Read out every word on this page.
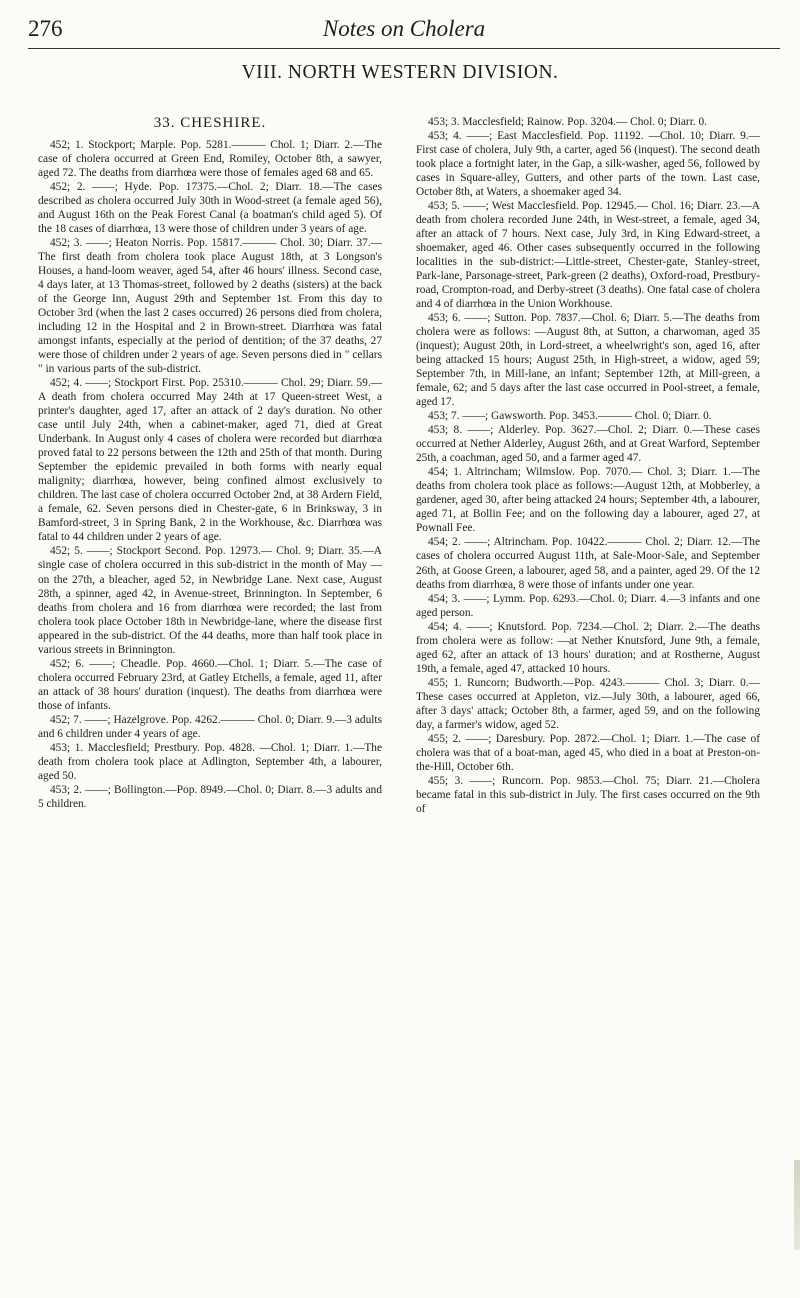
276	Notes on Cholera
VIII. NORTH WESTERN DIVISION.
33. CHESHIRE.

452; 1. Stockport; Marple. Pop. 5281.——— Chol. 1; Diarr. 2.—The case of cholera occurred at Green End, Romiley, October 8th, a sawyer, aged 72. The deaths from diarrhœa were those of females aged 68 and 65.

452; 2. ——; Hyde. Pop. 17375.—Chol. 2; Diarr. 18.—The cases described as cholera occurred July 30th in Wood-street (a female aged 56), and August 16th on the Peak Forest Canal (a boatman's child aged 5). Of the 18 cases of diarrhœa, 13 were those of children under 3 years of age.

452; 3. ——; Heaton Norris. Pop. 15817.——— Chol. 30; Diarr. 37.—The first death from cholera took place August 18th, at 3 Longson's Houses, a hand-loom weaver, aged 54, after 46 hours' illness. Second case, 4 days later, at 13 Thomas-street, followed by 2 deaths (sisters) at the back of the George Inn, August 29th and September 1st. From this day to October 3rd (when the last 2 cases occurred) 26 persons died from cholera, including 12 in the Hospital and 2 in Brown-street. Diarrhœa was fatal amongst infants, especially at the period of dentition; of the 37 deaths, 27 were those of children under 2 years of age. Seven persons died in " cellars " in various parts of the sub-district.

452; 4. ——; Stockport First. Pop. 25310.——— Chol. 29; Diarr. 59.—A death from cholera occurred May 24th at 17 Queen-street West, a printer's daughter, aged 17, after an attack of 2 day's duration. No other case until July 24th, when a cabinet-maker, aged 71, died at Great Underbank. In August only 4 cases of cholera were recorded but diarrhœa proved fatal to 22 persons between the 12th and 25th of that month. During September the epidemic prevailed in both forms with nearly equal malignity; diarrhœa, however, being confined almost exclusively to children. The last case of cholera occurred October 2nd, at 38 Ardern Field, a female, 62. Seven persons died in Chester-gate, 6 in Brinksway, 3 in Bamford-street, 3 in Spring Bank, 2 in the Workhouse, &c. Diarrhœa was fatal to 44 children under 2 years of age.

452; 5. ——; Stockport Second. Pop. 12973.— Chol. 9; Diarr. 35.—A single case of cholera occurred in this sub-district in the month of May —on the 27th, a bleacher, aged 52, in Newbridge Lane. Next case, August 28th, a spinner, aged 42, in Avenue-street, Brinnington. In September, 6 deaths from cholera and 16 from diarrhœa were recorded; the last from cholera took place October 18th in Newbridge-lane, where the disease first appeared in the sub-district. Of the 44 deaths, more than half took place in various streets in Brinnington.

452; 6. ——; Cheadle. Pop. 4660.—Chol. 1; Diarr. 5.—The case of cholera occurred February 23rd, at Gatley Etchells, a female, aged 11, after an attack of 38 hours' duration (inquest). The deaths from diarrhœa were those of infants.

452; 7. ——; Hazelgrove. Pop. 4262.——— Chol. 0; Diarr. 9.—3 adults and 6 children under 4 years of age.

453; 1. Macclesfield; Prestbury. Pop. 4828. —Chol. 1; Diarr. 1.—The death from cholera took place at Adlington, September 4th, a labourer, aged 50.

453; 2. ——; Bollington.—Pop. 8949.—Chol. 0; Diarr. 8.—3 adults and 5 children.

453; 3. Macclesfield; Rainow. Pop. 3204.— Chol. 0; Diarr. 0.

453; 4. ——; East Macclesfield. Pop. 11192. —Chol. 10; Diarr. 9.—First case of cholera, July 9th, a carter, aged 56 (inquest). The second death took place a fortnight later, in the Gap, a silk-washer, aged 56, followed by cases in Square-alley, Gutters, and other parts of the town. Last case, October 8th, at Waters, a shoemaker aged 34.

453; 5. ——; West Macclesfield. Pop. 12945.— Chol. 16; Diarr. 23.—A death from cholera recorded June 24th, in West-street, a female, aged 34, after an attack of 7 hours. Next case, July 3rd, in King Edward-street, a shoemaker, aged 46. Other cases subsequently occurred in the following localities in the sub-district:—Little-street, Chester-gate, Stanley-street, Park-lane, Parsonage-street, Park-green (2 deaths), Oxford-road, Prestbury-road, Crompton-road, and Derby-street (3 deaths). One fatal case of cholera and 4 of diarrhœa in the Union Workhouse.

453; 6. ——; Sutton. Pop. 7837.—Chol. 6; Diarr. 5.—The deaths from cholera were as follows: —August 8th, at Sutton, a charwoman, aged 35 (inquest); August 20th, in Lord-street, a wheelwright's son, aged 16, after being attacked 15 hours; August 25th, in High-street, a widow, aged 59; September 7th, in Mill-lane, an infant; September 12th, at Mill-green, a female, 62; and 5 days after the last case occurred in Pool-street, a female, aged 17.

453; 7. ——; Gawsworth. Pop. 3453.——— Chol. 0; Diarr. 0.

453; 8. ——; Alderley. Pop. 3627.—Chol. 2; Diarr. 0.—These cases occurred at Nether Alderley, August 26th, and at Great Warford, September 25th, a coachman, aged 50, and a farmer aged 47.

454; 1. Altrincham; Wilmslow. Pop. 7070.— Chol. 3; Diarr. 1.—The deaths from cholera took place as follows:—August 12th, at Mobberley, a gardener, aged 30, after being attacked 24 hours; September 4th, a labourer, aged 71, at Bollin Fee; and on the following day a labourer, aged 27, at Pownall Fee.

454; 2. ——; Altrincham. Pop. 10422.——— Chol. 2; Diarr. 12.—The cases of cholera occurred August 11th, at Sale-Moor-Sale, and September 26th, at Goose Green, a labourer, aged 58, and a painter, aged 29. Of the 12 deaths from diarrhœa, 8 were those of infants under one year.

454; 3. ——; Lymm. Pop. 6293.—Chol. 0; Diarr. 4.—3 infants and one aged person.

454; 4. ——; Knutsford. Pop. 7234.—Chol. 2; Diarr. 2.—The deaths from cholera were as follow: —at Nether Knutsford, June 9th, a female, aged 62, after an attack of 13 hours' duration; and at Rostherne, August 19th, a female, aged 47, attacked 10 hours.

455; 1. Runcorn; Budworth.—Pop. 4243.——— Chol. 3; Diarr. 0.—These cases occurred at Appleton, viz.—July 30th, a labourer, aged 66, after 3 days' attack; October 8th, a farmer, aged 59, and on the following day, a farmer's widow, aged 52.

455; 2. ——; Daresbury. Pop. 2872.—Chol. 1; Diarr. 1.—The case of cholera was that of a boat-man, aged 45, who died in a boat at Preston-on-the-Hill, October 6th.

455; 3. ——; Runcorn. Pop. 9853.—Chol. 75; Diarr. 21.—Cholera became fatal in this sub-district in July. The first cases occurred on the 9th of
